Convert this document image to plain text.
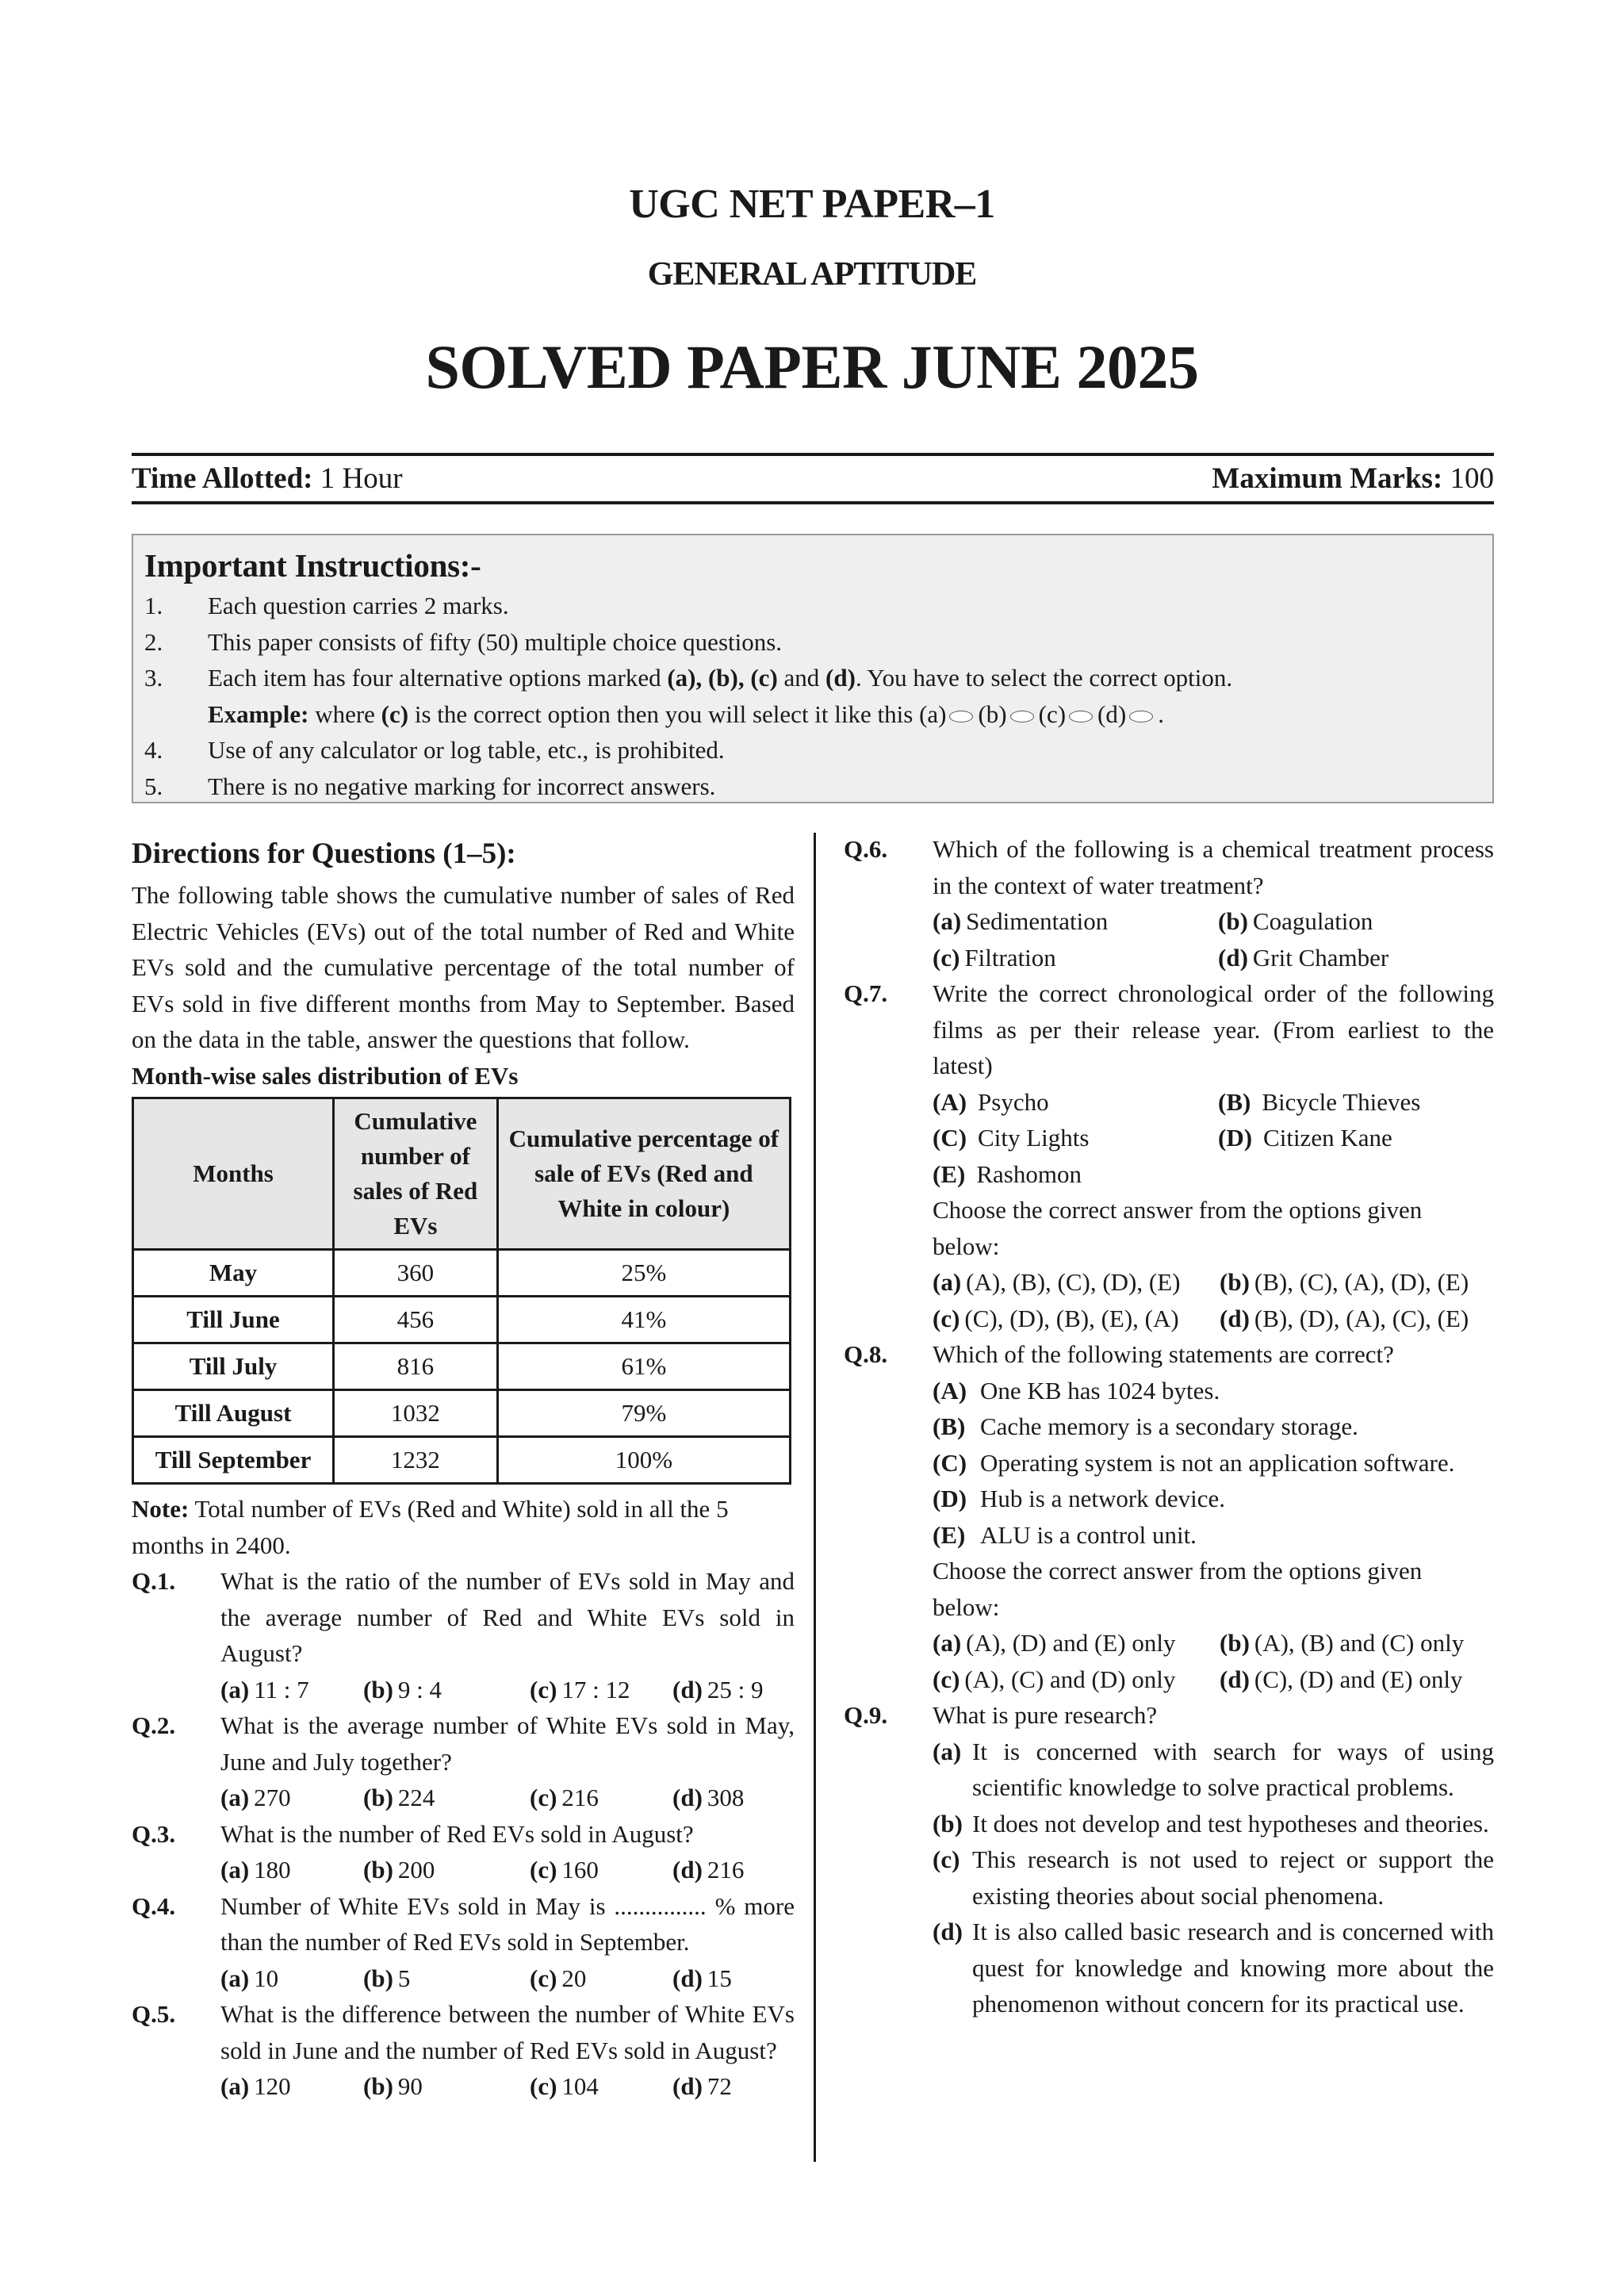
UGC NET PAPER–1
GENERAL APTITUDE
SOLVED PAPER JUNE 2025
Time Allotted: 1 Hour	Maximum Marks: 100
Important Instructions:-
1.	Each question carries 2 marks.
2.	This paper consists of fifty (50) multiple choice questions.
3.	Each item has four alternative options marked (a), (b), (c) and (d). You have to select the correct option.
Example: where (c) is the correct option then you will select it like this (a) (b) (c) (d) .
4.	Use of any calculator or log table, etc., is prohibited.
5.	There is no negative marking for incorrect answers.
Directions for Questions (1–5):
The following table shows the cumulative number of sales of Red Electric Vehicles (EVs) out of the total number of Red and White EVs sold and the cumulative percentage of the total number of EVs sold in five different months from May to September. Based on the data in the table, answer the questions that follow.
Month-wise sales distribution of EVs
Months	Cumulative number of sales of Red EVs	Cumulative percentage of sale of EVs (Red and White in colour)
May	360	25%
Till June	456	41%
Till July	816	61%
Till August	1032	79%
Till September	1232	100%
Note: Total number of EVs (Red and White) sold in all the 5 months in 2400.
Q.1.	What is the ratio of the number of EVs sold in May and the average number of Red and White EVs sold in August?
(a) 11 : 7	(b) 9 : 4	(c) 17 : 12	(d) 25 : 9
Q.2.	What is the average number of White EVs sold in May, June and July together?
(a) 270	(b) 224	(c) 216	(d) 308
Q.3.	What is the number of Red EVs sold in August?
(a) 180	(b) 200	(c) 160	(d) 216
Q.4.	Number of White EVs sold in May is ............... % more than the number of Red EVs sold in September.
(a) 10	(b) 5	(c) 20	(d) 15
Q.5.	What is the difference between the number of White EVs sold in June and the number of Red EVs sold in August?
(a) 120	(b) 90	(c) 104	(d) 72
Q.6.	Which of the following is a chemical treatment process in the context of water treatment?
(a) Sedimentation	(b) Coagulation
(c) Filtration	(d) Grit Chamber
Q.7.	Write the correct chronological order of the following films as per their release year. (From earliest to the latest)
(A) Psycho	(B) Bicycle Thieves
(C) City Lights	(D) Citizen Kane
(E) Rashomon
Choose the correct answer from the options given below:
(a) (A), (B), (C), (D), (E)	(b) (B), (C), (A), (D), (E)
(c) (C), (D), (B), (E), (A)	(d) (B), (D), (A), (C), (E)
Q.8.	Which of the following statements are correct?
(A) One KB has 1024 bytes.
(B) Cache memory is a secondary storage.
(C) Operating system is not an application software.
(D) Hub is a network device.
(E) ALU is a control unit.
Choose the correct answer from the options given below:
(a) (A), (D) and (E) only	(b) (A), (B) and (C) only
(c) (A), (C) and (D) only	(d) (C), (D) and (E) only
Q.9.	What is pure research?
(a) It is concerned with search for ways of using scientific knowledge to solve practical problems.
(b) It does not develop and test hypotheses and theories.
(c) This research is not used to reject or support the existing theories about social phenomena.
(d) It is also called basic research and is concerned with quest for knowledge and knowing more about the phenomenon without concern for its practical use.
